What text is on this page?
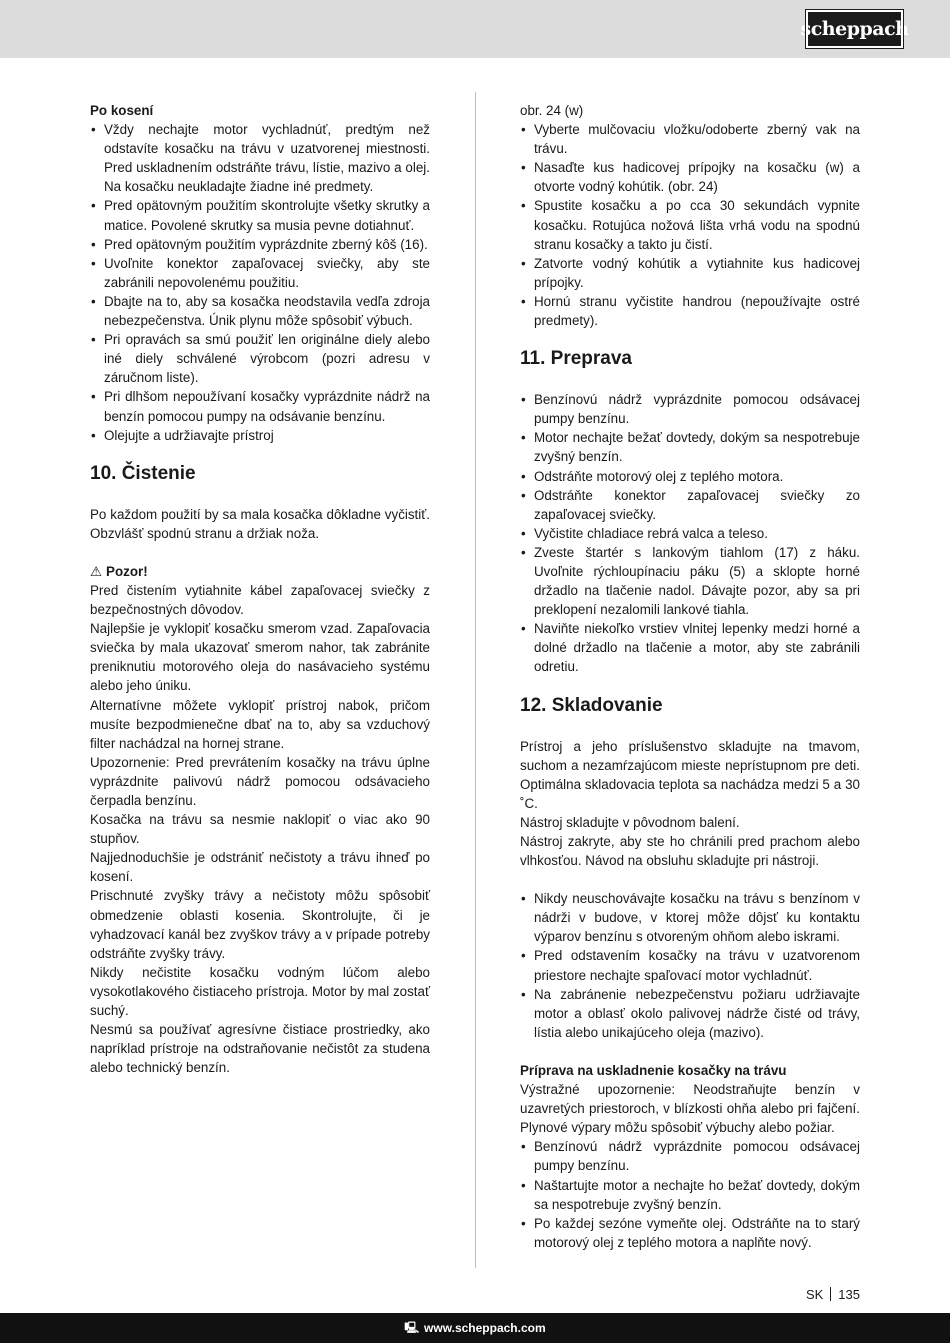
scheppach

Po kosení

• Vždy nechajte motor vychladnúť, predtým než odstavíte kosačku na trávu v uzatvorenej miestnosti. Pred uskladnením odstráňte trávu, lístie, mazivo a olej. Na kosačku neukladajte žiadne iné predmety.
• Pred opätovným použitím skontrolujte všetky skrutky a matice. Povolené skrutky sa musia pevne dotiahnuť.
• Pred opätovným použitím vyprázdnite zberný kôš (16).
• Uvoľnite konektor zapaľovacej sviečky, aby ste zabránili nepovolenému použitiu.
• Dbajte na to, aby sa kosačka neodstavila vedľa zdroja nebezpečenstva. Únik plynu môže spôsobiť výbuch.
• Pri opravách sa smú použiť len originálne diely alebo iné diely schválené výrobcom (pozri adresu v záručnom liste).
• Pri dlhšom nepoužívaní kosačky vyprázdnite nádrž na benzín pomocou pumpy na odsávanie benzínu.
• Olejujte a udržiavajte prístroj
10. Čistenie

Po každom použití by sa mala kosačka dôkladne vyčistiť. Obzvlášť spodnú stranu a držiak noža.

⚠ Pozor!

Pred čistením vytiahnite kábel zapaľovacej sviečky z bezpečnostných dôvodov.

Najlepšie je vyklopiť kosačku smerom vzad. Zapaľovacia sviečka by mala ukazovať smerom nahor, tak zabránite preniknutiu motorového oleja do nasávacieho systému alebo jeho úniku.

Alternatívne môžete vyklopiť prístroj nabok, pričom musíte bezpodmienečne dbať na to, aby sa vzduchový filter nachádzal na hornej strane.

Upozornenie: Pred prevrátením kosačky na trávu úplne vyprázdnite palivovú nádrž pomocou odsávacieho čerpadla benzínu.

Kosačka na trávu sa nesmie naklopiť o viac ako 90 stupňov.

Najjednoduchšie je odstrániť nečistoty a trávu ihneď po kosení.

Prischnuté zvyšky trávy a nečistoty môžu spôsobiť obmedzenie oblasti kosenia. Skontrolujte, či je vyhadzovací kanál bez zvyškov trávy a v prípade potreby odstráňte zvyšky trávy.

Nikdy nečistite kosačku vodným lúčom alebo vysokotlakového čistiaceho prístroja. Motor by mal zostať suchý.

Nesmú sa používať agresívne čistiace prostriedky, ako napríklad prístroje na odstraňovanie nečistôt za studena alebo technický benzín.

obr. 24 (w)

• Vyberte mulčovaciu vložku/odoberte zberný vak na trávu.
• Nasaďte kus hadicovej prípojky na kosačku (w) a otvorte vodný kohútik. (obr. 24)
• Spustite kosačku a po cca 30 sekundách vypnite kosačku. Rotujúca nožová lišta vrhá vodu na spodnú stranu kosačky a takto ju čistí.
• Zatvorte vodný kohútik a vytiahnite kus hadicovej prípojky.
• Hornú stranu vyčistite handrou (nepoužívajte ostré predmety).
11. Preprava
• Benzínovú nádrž vyprázdnite pomocou odsávacej pumpy benzínu.
• Motor nechajte bežať dovtedy, dokým sa nespotrebuje zvyšný benzín.
• Odstráňte motorový olej z teplého motora.
• Odstráňte konektor zapaľovacej sviečky zo zapaľovacej sviečky.
• Vyčistite chladiace rebrá valca a teleso.
• Zveste štartér s lankovým tiahlom (17) z háku. Uvoľnite rýchloupínaciu páku (5) a sklopte horné držadlo na tlačenie nadol. Dávajte pozor, aby sa pri preklopení nezalomili lankové tiahla.
• Naviňte niekoľko vrstiev vlnitej lepenky medzi horné a dolné držadlo na tlačenie a motor, aby ste zabránili odretiu.
12. Skladovanie

Prístroj a jeho príslušenstvo skladujte na tmavom, suchom a nezamŕzajúcom mieste neprístupnom pre deti. Optimálna skladovacia teplota sa nachádza medzi 5 a 30 ˚C.

Nástroj skladujte v pôvodnom balení.

Nástroj zakryte, aby ste ho chránili pred prachom alebo vlhkosťou. Návod na obsluhu skladujte pri nástroji.

• Nikdy neuschovávajte kosačku na trávu s benzínom v nádrži v budove, v ktorej môže dôjsť ku kontaktu výparov benzínu s otvoreným ohňom alebo iskrami.
• Pred odstavením kosačky na trávu v uzatvorenom priestore nechajte spaľovací motor vychladnúť.
• Na zabránenie nebezpečenstvu požiaru udržiavajte motor a oblasť okolo palivovej nádrže čisté od trávy, lístia alebo unikajúceho oleja (mazivo).

Príprava na uskladnenie kosačky na trávu

Výstražné upozornenie: Neodstraňujte benzín v uzavretých priestoroch, v blízkosti ohňa alebo pri fajčení. Plynové výpary môžu spôsobiť výbuchy alebo požiar.

• Benzínovú nádrž vyprázdnite pomocou odsávacej pumpy benzínu.
• Naštartujte motor a nechajte ho bežať dovtedy, dokým sa nespotrebuje zvyšný benzín.
• Po každej sezóne vymeňte olej. Odstráňte na to starý motorový olej z teplého motora a naplňte nový.
SK 135
🖳 www.scheppach.com
